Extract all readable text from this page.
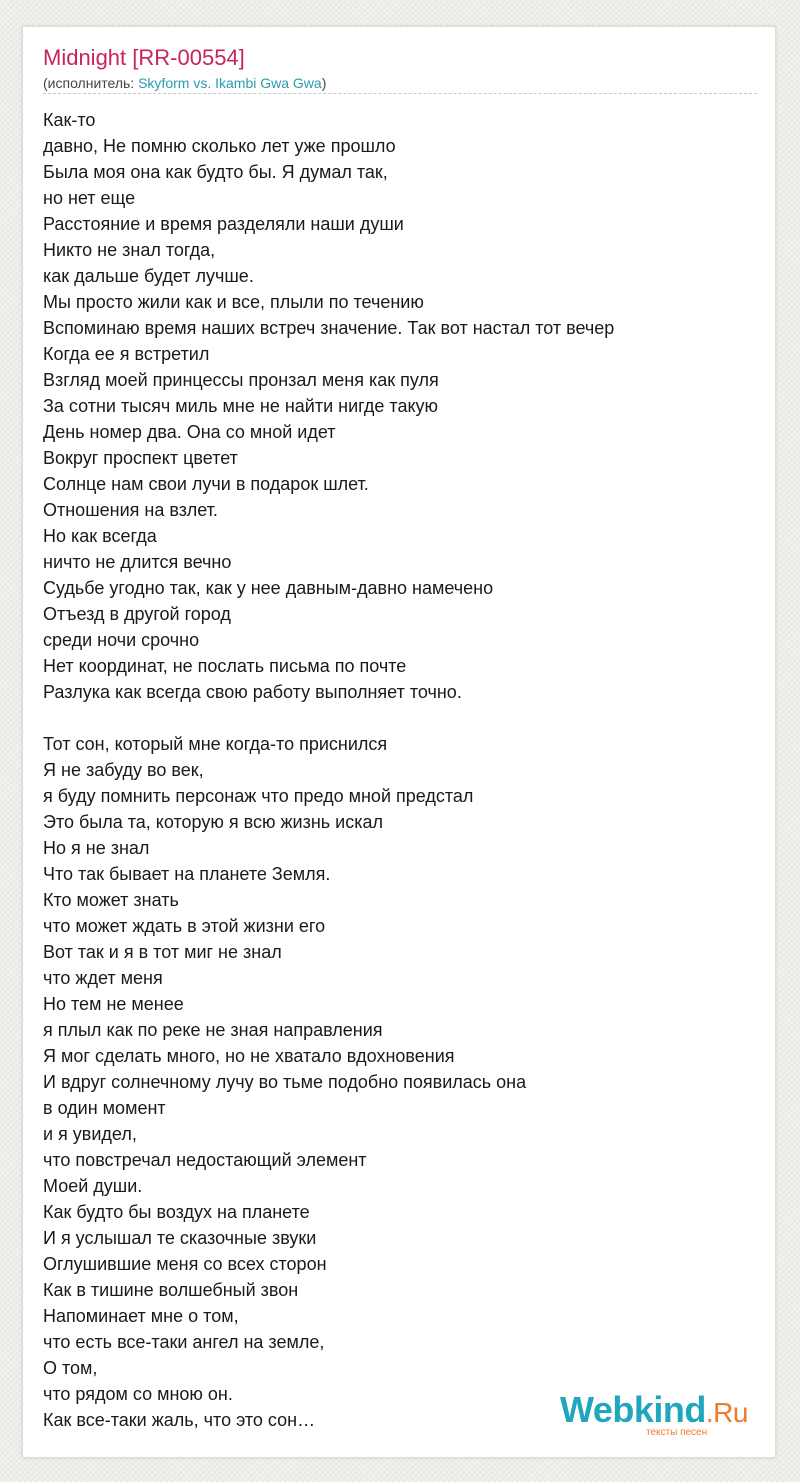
Midnight [RR-00554]
(исполнитель: Skyform vs. Ikambi Gwa Gwa)
Как-то
давно, Не помню сколько лет уже прошло
Была моя она как будто бы. Я думал так,
но нет еще
Расстояние и время разделяли наши души
Никто не знал тогда,
как дальше будет лучше.
Мы просто жили как и все, плыли по течению
Вспоминаю время наших встреч значение. Так вот настал тот вечер
Когда ее я встретил
Взгляд моей принцессы пронзал меня как пуля
За сотни тысяч миль мне не найти нигде такую
День номер два. Она со мной идет
Вокруг проспект цветет
Солнце нам свои лучи в подарок шлет.
Отношения на взлет.
Но как всегда
ничто не длится вечно
Судьбе угодно так, как у нее давным-давно намечено
Отъезд в другой город
среди ночи срочно
Нет координат, не послать письма по почте
Разлука как всегда свою работу выполняет точно.
Тот сон, который мне когда-то приснился
Я не забуду во век,
я буду помнить персонаж что предо мной предстал
Это была та, которую я всю жизнь искал
Но я не знал
Что так бывает на планете Земля.
Кто может знать
что может ждать в этой жизни его
Вот так и я в тот миг не знал
что ждет меня
Но тем не менее
я плыл как по реке не зная направления
Я мог сделать много, но не хватало вдохновения
И вдруг солнечному лучу во тьме подобно появилась она
в один момент
и я увидел,
что повстречал недостающий элемент
Моей души.
Как будто бы воздух на планете
И я услышал те сказочные звуки
Оглушившие меня со всех сторон
Как в тишине волшебный звон
Напоминает мне о том,
что есть все-таки ангел на земле,
О том,
что рядом со мною он.
Как все-таки жаль, что это сон…	Webkind.Ru
тексты песен
